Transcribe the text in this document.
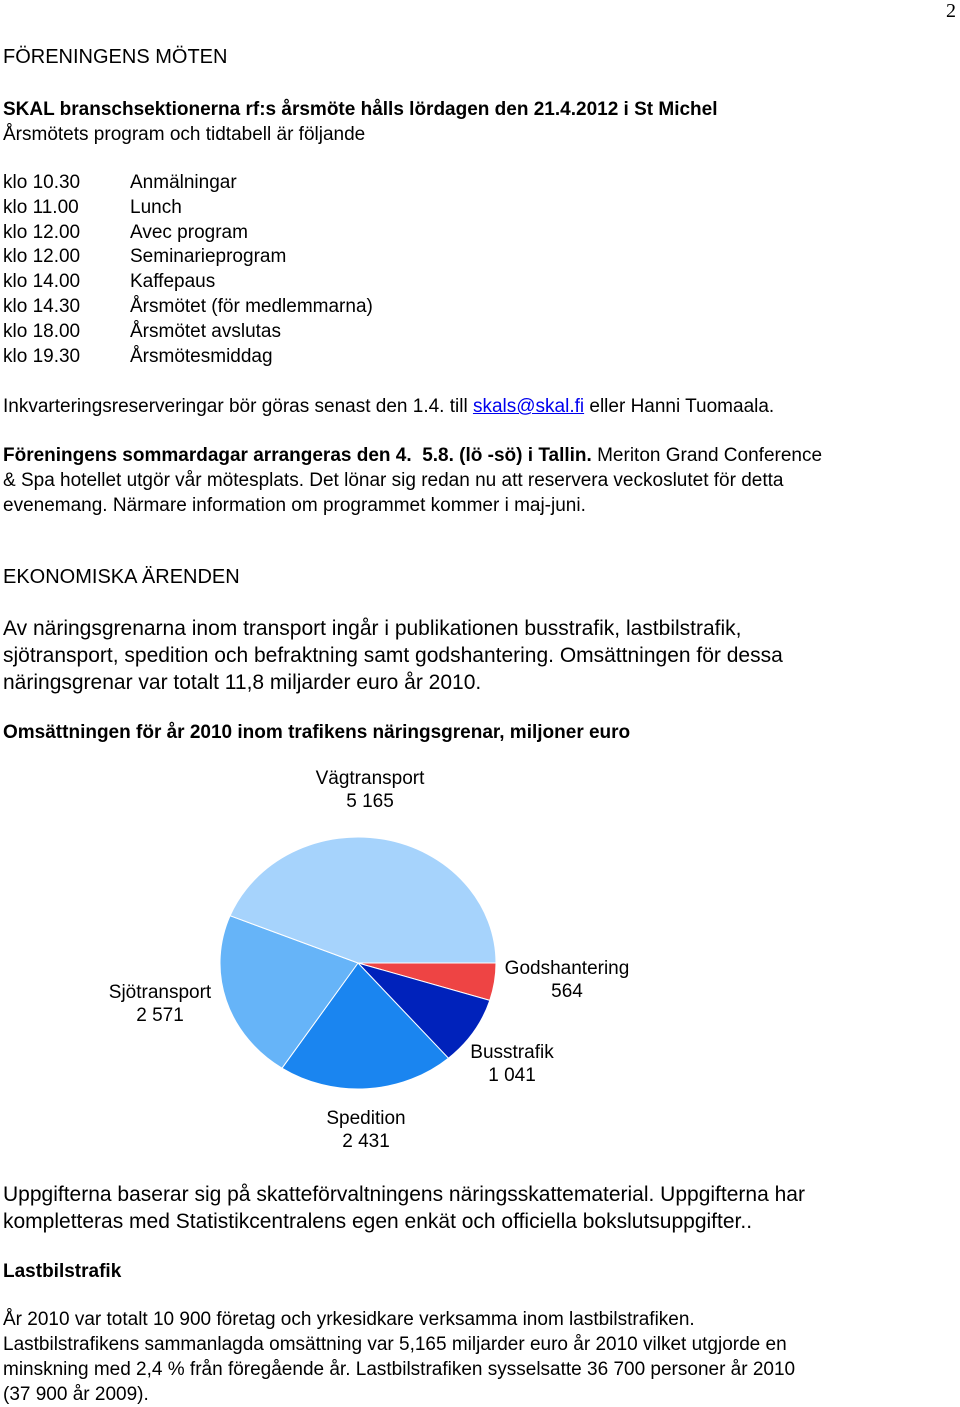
2
FÖRENINGENS MÖTEN

SKAL branschsektionerna rf:s årsmöte hålls lördagen den 21.4.2012 i St Michel

Årsmötets program och tidtabell är följande

klo 10.30	Anmälningar
klo 11.00	Lunch
klo 12.00	Avec program
klo 12.00	Seminarieprogram
klo 14.00	Kaffepaus
klo 14.30	Årsmötet (för medlemmarna)
klo 18.00	Årsmötet avslutas
klo 19.30	Årsmötesmiddag

Inkvarteringsreserveringar bör göras senast den 1.4. till skals@skal.fi eller Hanni Tuomaala.

Föreningens sommardagar arrangeras den 4.  5.8. (lö -sö) i Tallin. Meriton Grand Conference

& Spa hotellet utgör vår mötesplats. Det lönar sig redan nu att reservera veckoslutet för detta

evenemang. Närmare information om programmet kommer i maj-juni.

EKONOMISKA ÄRENDEN

Av näringsgrenarna inom transport ingår i publikationen busstrafik, lastbilstrafik,

sjötransport, spedition och befraktning samt godshantering. Omsättningen för dessa

näringsgrenar var totalt 11,8 miljarder euro år 2010.

Omsättningen för år 2010 inom trafikens näringsgrenar, miljoner euro

Godshantering
564
Busstrafik
1 041
Spedition
2 431
Sjötransport
2 571
Vägtransport
5 165

Uppgifterna baserar sig på skatteförvaltningens näringsskattematerial. Uppgifterna har

kompletteras med Statistikcentralens egen enkät och officiella bokslutsuppgifter..

Lastbilstrafik

År 2010 var totalt 10 900 företag och yrkesidkare verksamma inom lastbilstrafiken.

Lastbilstrafikens sammanlagda omsättning var 5,165 miljarder euro år 2010 vilket utgjorde en

minskning med 2,4 % från föregående år. Lastbilstrafiken sysselsatte 36 700 personer år 2010

(37 900 år 2009).
